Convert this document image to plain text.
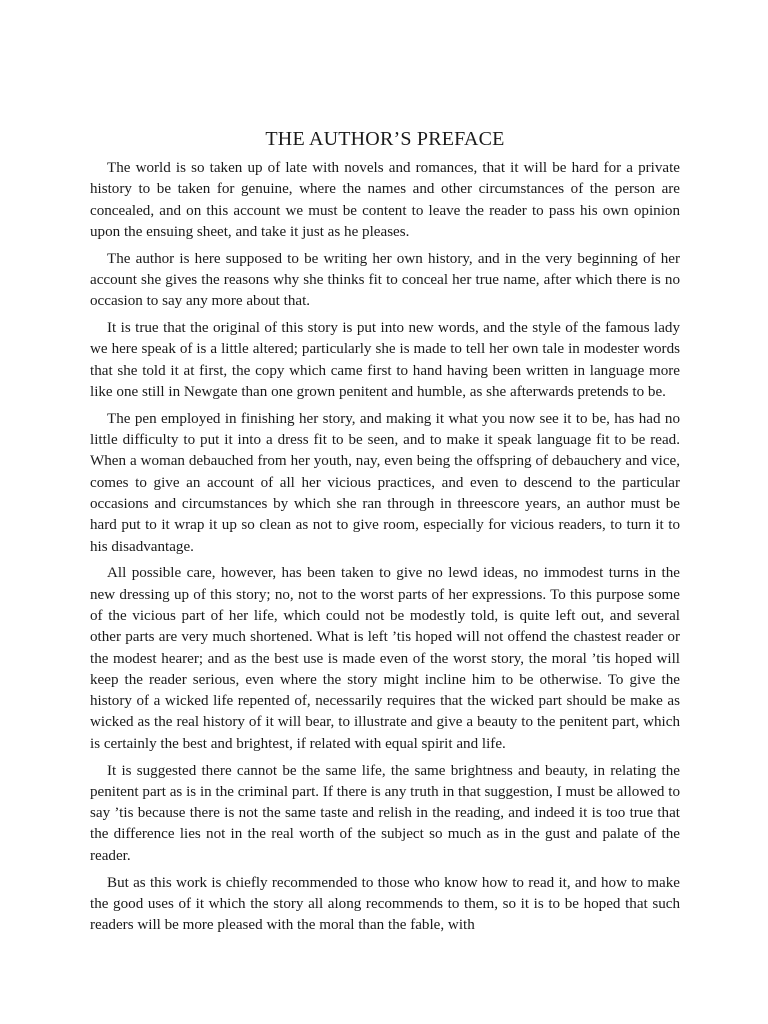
THE AUTHOR’S PREFACE

The world is so taken up of late with novels and romances, that it will be hard for a private history to be taken for genuine, where the names and other circumstances of the person are concealed, and on this account we must be content to leave the reader to pass his own opinion upon the ensuing sheet, and take it just as he pleases.

The author is here supposed to be writing her own history, and in the very beginning of her account she gives the reasons why she thinks fit to conceal her true name, after which there is no occasion to say any more about that.

It is true that the original of this story is put into new words, and the style of the famous lady we here speak of is a little altered; particularly she is made to tell her own tale in modester words that she told it at first, the copy which came first to hand having been written in language more like one still in Newgate than one grown penitent and humble, as she afterwards pretends to be.

The pen employed in finishing her story, and making it what you now see it to be, has had no little difficulty to put it into a dress fit to be seen, and to make it speak language fit to be read. When a woman debauched from her youth, nay, even being the offspring of debauchery and vice, comes to give an account of all her vicious practices, and even to descend to the particular occasions and circumstances by which she ran through in threescore years, an author must be hard put to it wrap it up so clean as not to give room, especially for vicious readers, to turn it to his disadvantage.

All possible care, however, has been taken to give no lewd ideas, no immodest turns in the new dressing up of this story; no, not to the worst parts of her expressions. To this purpose some of the vicious part of her life, which could not be modestly told, is quite left out, and several other parts are very much shortened. What is left ’tis hoped will not offend the chastest reader or the modest hearer; and as the best use is made even of the worst story, the moral ’tis hoped will keep the reader serious, even where the story might incline him to be otherwise. To give the history of a wicked life repented of, necessarily requires that the wicked part should be make as wicked as the real history of it will bear, to illustrate and give a beauty to the penitent part, which is certainly the best and brightest, if related with equal spirit and life.

It is suggested there cannot be the same life, the same brightness and beauty, in relating the penitent part as is in the criminal part. If there is any truth in that suggestion, I must be allowed to say ’tis because there is not the same taste and relish in the reading, and indeed it is too true that the difference lies not in the real worth of the subject so much as in the gust and palate of the reader.

But as this work is chiefly recommended to those who know how to read it, and how to make the good uses of it which the story all along recommends to them, so it is to be hoped that such readers will be more pleased with the moral than the fable, with
